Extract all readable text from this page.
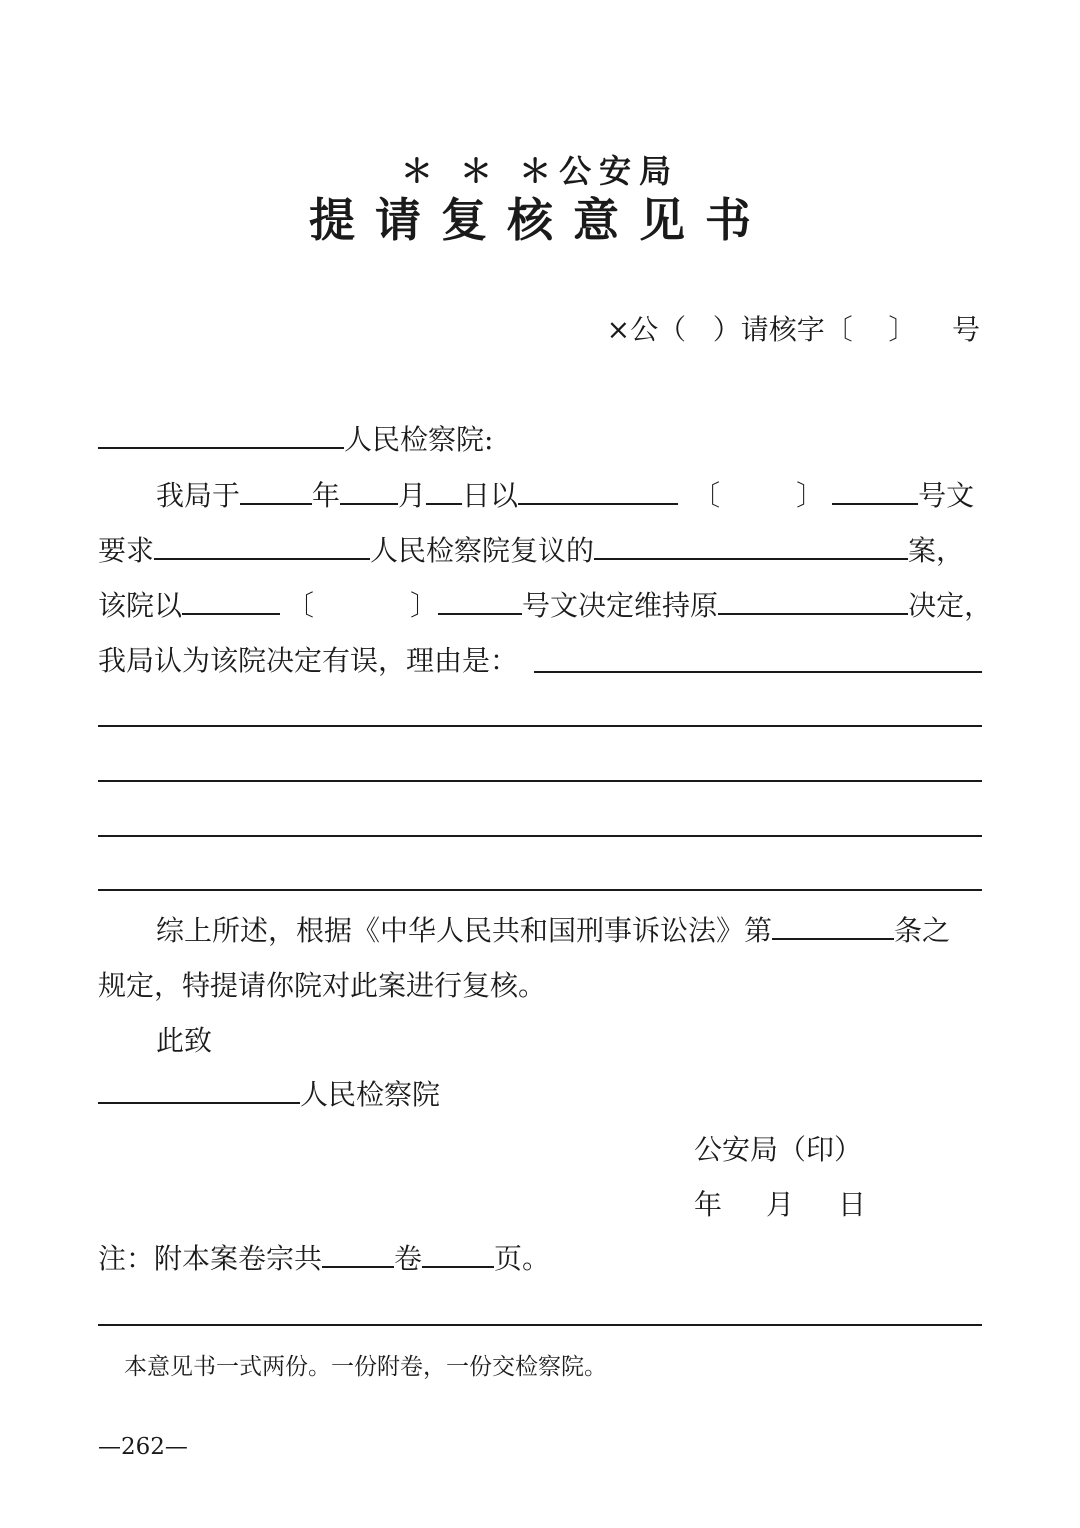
＊ ＊ ＊公安局
提请复核意见书
×公（   ）请核字〔    〕    号
人民检察院:
我局于	年 月 日以	〔	〕	号文
要求	人民检察院复议的	案，
该院以	〔	〕	号文决定维持原	决定，
我局认为该院决定有误，理由是：
综上所述，根据《中华人民共和国刑事诉讼法》第	条之
规定，特提请你院对此案进行复核。
此致
人民检察院
公安局（印）
年 月 日
注：附本案卷宗共	卷	页。
本意见书一式两份。一份附卷，一份交检察院。
—262—
